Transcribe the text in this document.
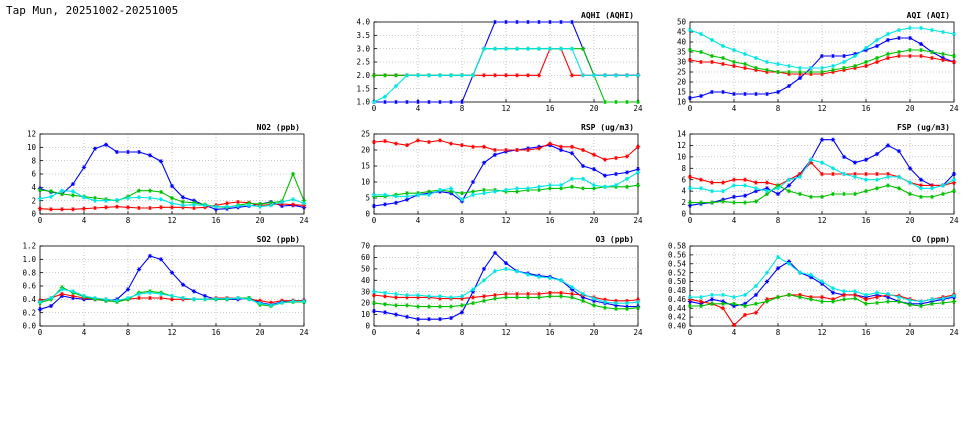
Tap Mun, 20251002-20251005
1.0
1.5
2.0
2.5
3.0
3.5
4.0
0	4	8	12	16	20	24
AQHI (AQHI)
10
15
20
25
30
35
40
45
50
0	4	8	12	16	20	24
AQI (AQI)
0
2
4
6
8
10
12
0	4	8	12	16	20	24
NO2 (ppb)
0
5
10
15
20
25
0	4	8	12	16	20	24
RSP (ug/m3)
0
2
4
6
8
10
12
14
0	4	8	12	16	20	24
FSP (ug/m3)
0.0
0.2
0.4
0.6
0.8
1.0
1.2
0	4	8	12	16	20	24
SO2 (ppb)
0
10
20
30
40
50
60
70
0	4	8	12	16	20	24
O3 (ppb)
0.40
0.42
0.44
0.46
0.48
0.50
0.52
0.54
0.56
0.58
0	4	8	12	16	20	24
CO (ppm)
